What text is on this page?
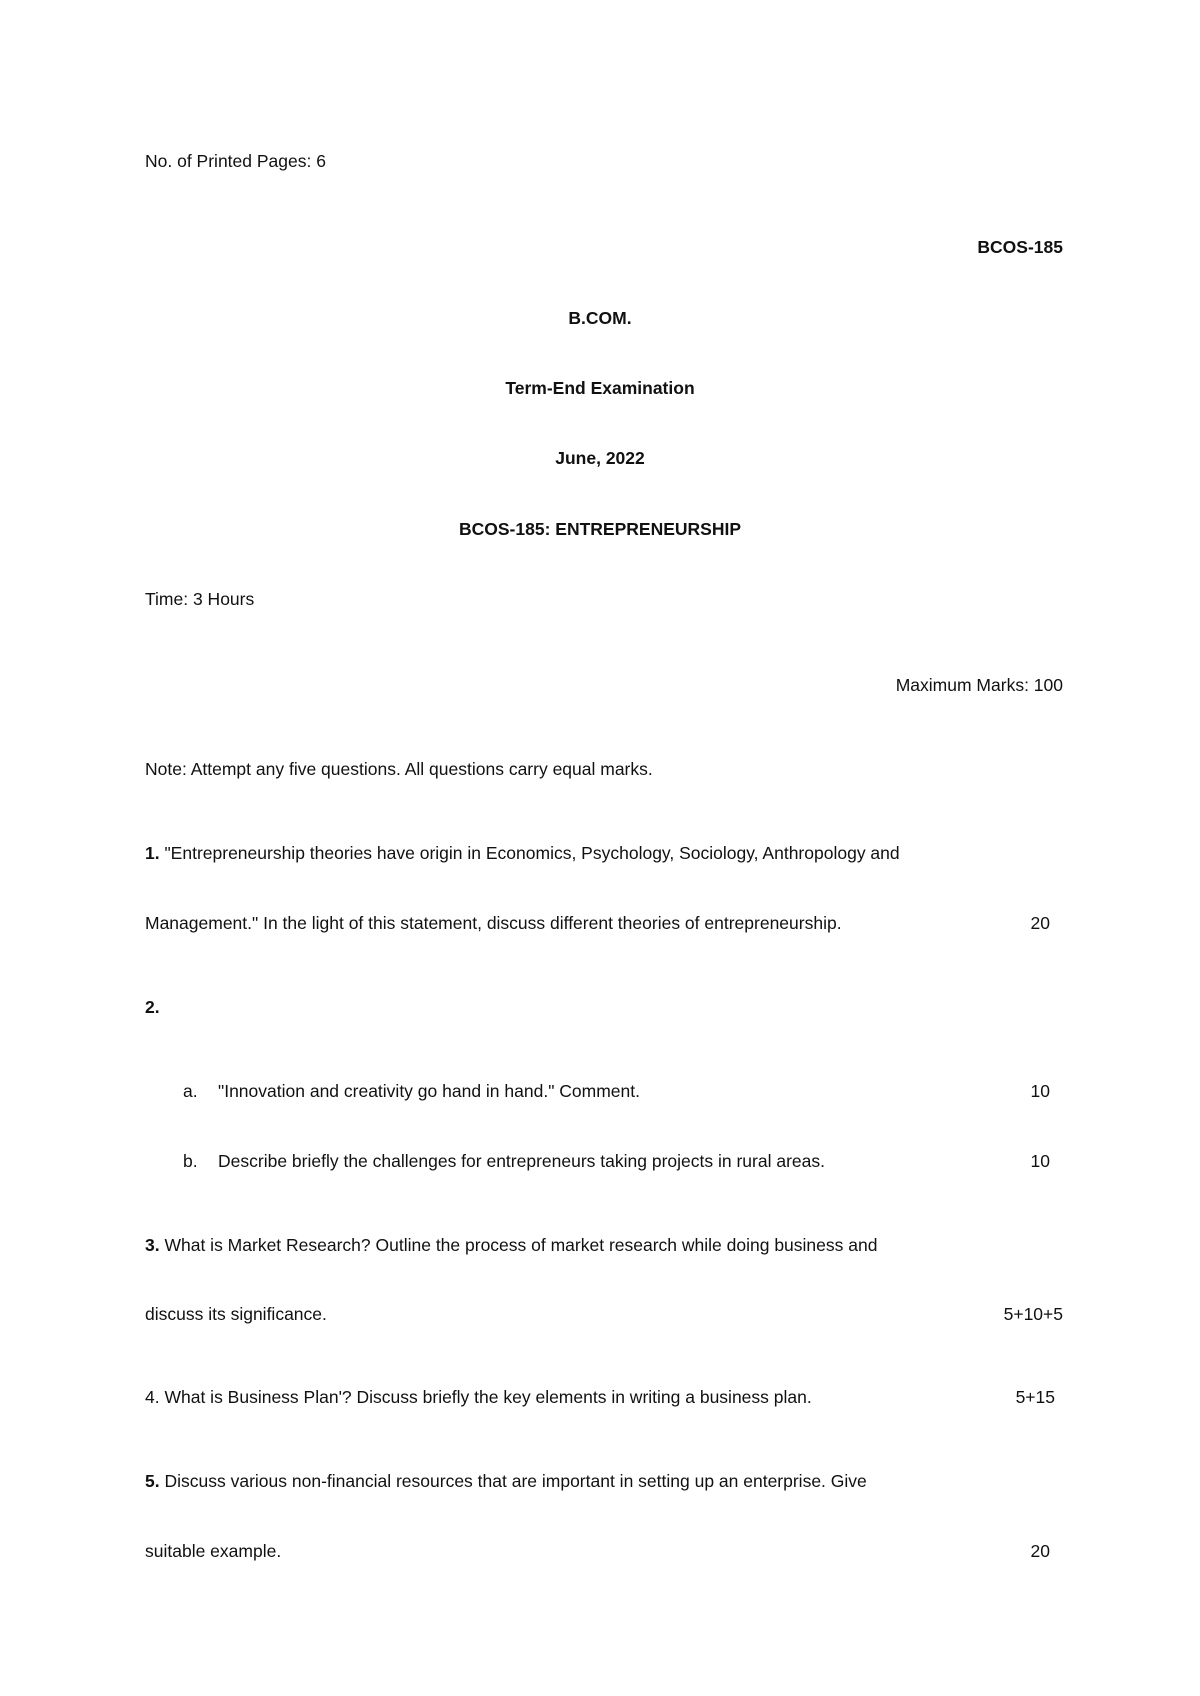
No. of Printed Pages: 6
BCOS-185
B.COM.
Term-End Examination
June, 2022
BCOS-185: ENTREPRENEURSHIP
Time: 3 Hours
Maximum Marks: 100
Note: Attempt any five questions. All questions carry equal marks.
1. "Entrepreneurship theories have origin in Economics, Psychology, Sociology, Anthropology and
Management." In the light of this statement, discuss different theories of entrepreneurship.	20
2.
a. "Innovation and creativity go hand in hand." Comment.	10
b. Describe briefly the challenges for entrepreneurs taking projects in rural areas.	10
3. What is Market Research? Outline the process of market research while doing business and
discuss its significance.	5+10+5
4. What is Business Plan'? Discuss briefly the key elements in writing a business plan.	5+15
5. Discuss various non-financial resources that are important in setting up an enterprise. Give
suitable example.	20
